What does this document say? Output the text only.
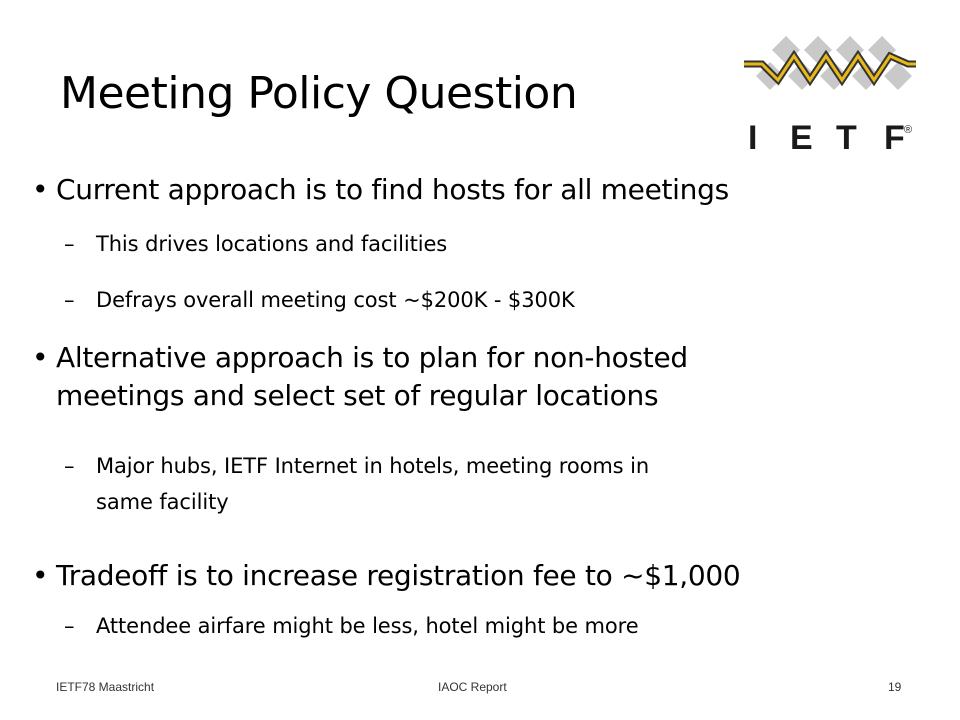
Meeting Policy Question
I E T F ®
• Current approach is to find hosts for all meetings
– This drives locations and facilities
– Defrays overall meeting cost ~$200K - $300K
• Alternative approach is to plan for non-hosted
meetings and select set of regular locations
– Major hubs, IETF Internet in hotels, meeting rooms in
same facility
• Tradeoff is to increase registration fee to ~$1,000
– Attendee airfare might be less, hotel might be more
IETF78 Maastricht	IAOC Report	19
